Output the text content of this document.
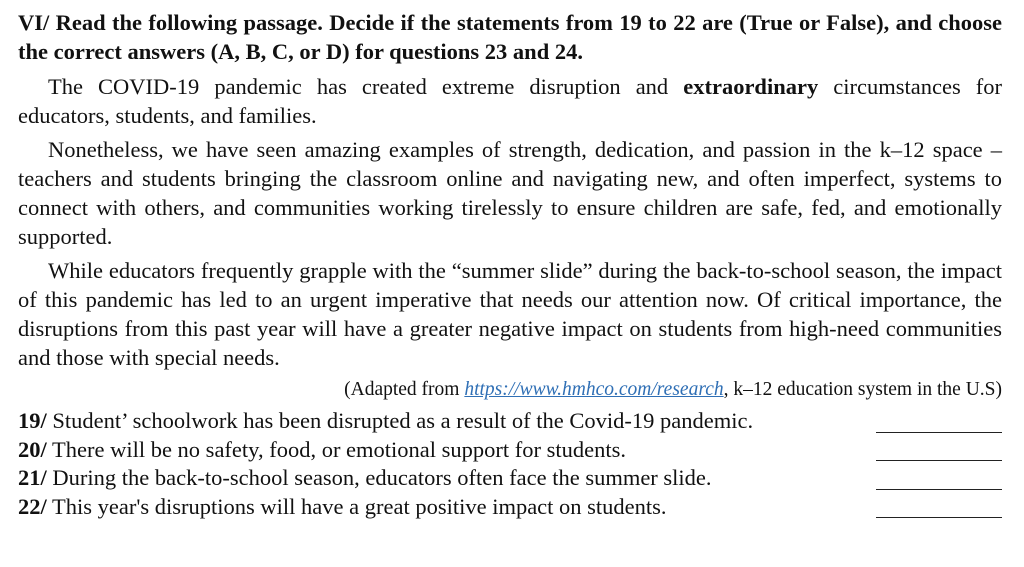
VI/ Read the following passage. Decide if the statements from 19 to 22 are (True or False), and choose the correct answers (A, B, C, or D) for questions 23 and 24.
The COVID-19 pandemic has created extreme disruption and extraordinary circumstances for educators, students, and families.
Nonetheless, we have seen amazing examples of strength, dedication, and passion in the k–12 space – teachers and students bringing the classroom online and navigating new, and often imperfect, systems to connect with others, and communities working tirelessly to ensure children are safe, fed, and emotionally supported.
While educators frequently grapple with the “summer slide” during the back-to-school season, the impact of this pandemic has led to an urgent imperative that needs our attention now. Of critical importance, the disruptions from this past year will have a greater negative impact on students from high-need communities and those with special needs.
(Adapted from https://www.hmhco.com/research, k–12 education system in the U.S)
19/ Student’ schoolwork has been disrupted as a result of the Covid-19 pandemic.
20/ There will be no safety, food, or emotional support for students.
21/ During the back-to-school season, educators often face the summer slide.
22/ This year's disruptions will have a great positive impact on students.
